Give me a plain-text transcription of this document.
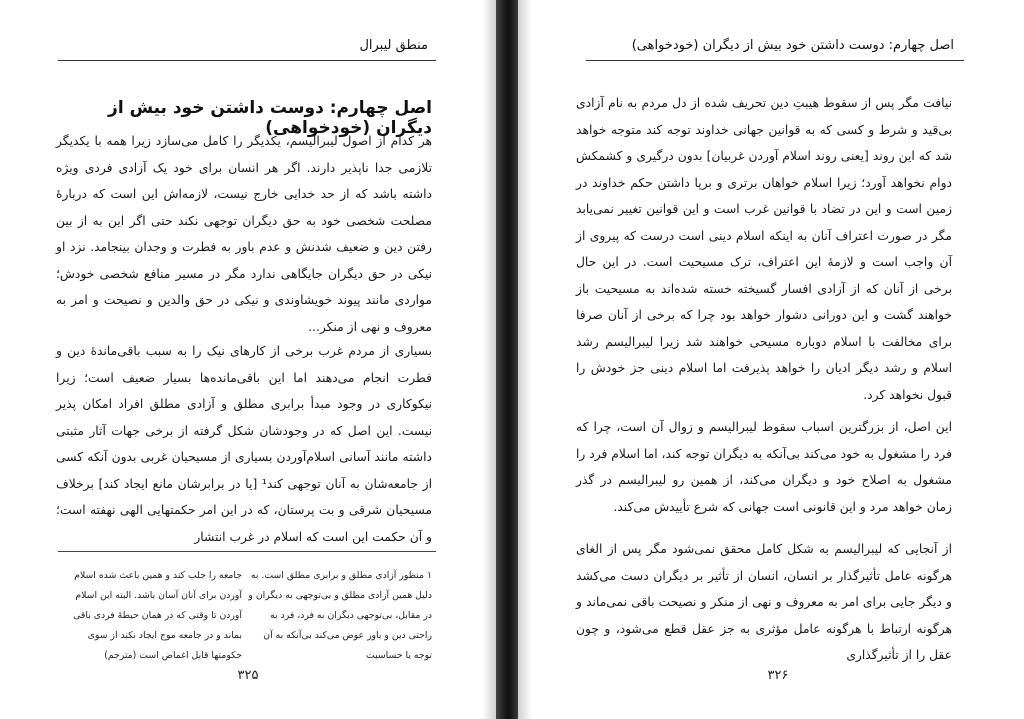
منطق لیبرال
اصل چهارم: دوست داشتن خود بیش از دیگران (خودخواهی)

هر کدام از اصول لیبرالیسم، یکدیگر را کامل می‌سازد زیرا همه با یکدیگر تلازمی جدا ناپذیر دارند. اگر هر انسان برای خود یک آزادی فردی ویژه داشته باشد که از حد خدایی خارج نیست، لازمه‌اش این است که دربارهٔ مصلحت شخصی خود به حق دیگران توجهی نکند حتی اگر این به از بین رفتن دین و ضعیف شدنش و عدم باور به فطرت و وجدان بینجامد. نزد او نیکی در حق دیگران جایگاهی ندارد مگر در مسیر منافع شخصی خودش؛ مواردی مانند پیوند خویشاوندی و نیکی در حق والدین و نصیحت و امر به معروف و نهی از منکر...

بسیاری از مردم غرب برخی از کارهای نیک را به سبب باقی‌ماندهٔ دین و فطرت انجام می‌دهند اما این باقی‌مانده‌ها بسیار ضعیف است؛ زیرا نیکوکاری در وجود مبدأ برابری مطلق و آزادی مطلق افراد امکان پذیر نیست. این اصل که در وجودشان شکل گرفته از برخی جهات آثار مثبتی داشته مانند آسانی اسلام‌آوردن بسیاری از مسیحیان غربی بدون آنکه کسی از جامعه‌شان به آنان توجهی کند¹ [یا در برابرشان مانع ایجاد کند] برخلاف مسیحیان شرقی و بت پرستان، که در این امر حکمتهایی الهی نهفته است؛ و آن حکمت این است که اسلام در غرب انتشار

۱ منظور آزادی مطلق و برابری مطلق است. به دلیل همین آزادی مطلق و بی‌توجهی به دیگران و در مقابل، بی‌توجهی دیگران به فرد، فرد به راحتی دین و باور عوض می‌کند بی‌آنکه به آن توجه یا حساسیت

جامعه را جلب کند و همین باعث شده اسلام آوردن برای آنان آسان باشد. البته این اسلام آوردن تا وقتی که در همان حیطهٔ فردی باقی بماند و در جامعه موج ایجاد نکند از سوی حکومتها قابل اغماض است (مترجم)

۳۲۵
اصل چهارم: دوست داشتن خود بیش از دیگران (خودخواهی)

نیافت مگر پس از سقوط هیبتِ دین تحریف شده از دل مردم به نام آزادی بی‌قید و شرط و کسی که به قوانین جهانی خداوند توجه کند متوجه خواهد شد که این روند [یعنی روند اسلام آوردن غربیان] بدون درگیری و کشمکش دوام نخواهد آورد؛ زیرا اسلام خواهان برتری و برپا داشتن حکم خداوند در زمین است و این در تضاد با قوانین غرب است و این قوانین تغییر نمی‌یابد مگر در صورت اعتراف آنان به اینکه اسلام دینی است درست که پیروی از آن واجب است و لازمهٔ این اعتراف، ترک مسیحیت است. در این حال برخی از آنان که از آزادی افسار گسیخته خسته شده‌اند به مسیحیت باز خواهند گشت و این دورانی دشوار خواهد بود چرا که برخی از آنان صرفا برای مخالفت با اسلام دوباره مسیحی خواهند شد زیرا لیبرالیسم رشد اسلام و رشد دیگر ادیان را خواهد پذیرفت اما اسلام دینی جز خودش را قبول نخواهد کرد.

این اصل، از بزرگترین اسباب سقوط لیبرالیسم و زوال آن است، چرا که فرد را مشغول به خود می‌کند بی‌آنکه به دیگران توجه کند، اما اسلام فرد را مشغول به اصلاح خود و دیگران می‌کند، از همین رو لیبرالیسم در گذر زمان خواهد مرد و این قانونی است جهانی که شرع تأییدش می‌کند.

از آنجایی که لیبرالیسم به شکل کامل محقق نمی‌شود مگر پس از الغای هرگونه عامل تأثیرگذار بر انسان، انسان از تأثیر بر دیگران دست می‌کشد و دیگر جایی برای امر به معروف و نهی از منکر و نصیحت باقی نمی‌ماند و هرگونه ارتباط با هرگونه عامل مؤثری به جز عقل قطع می‌شود، و چون عقل را از تأثیرگذاری

۳۲۶
